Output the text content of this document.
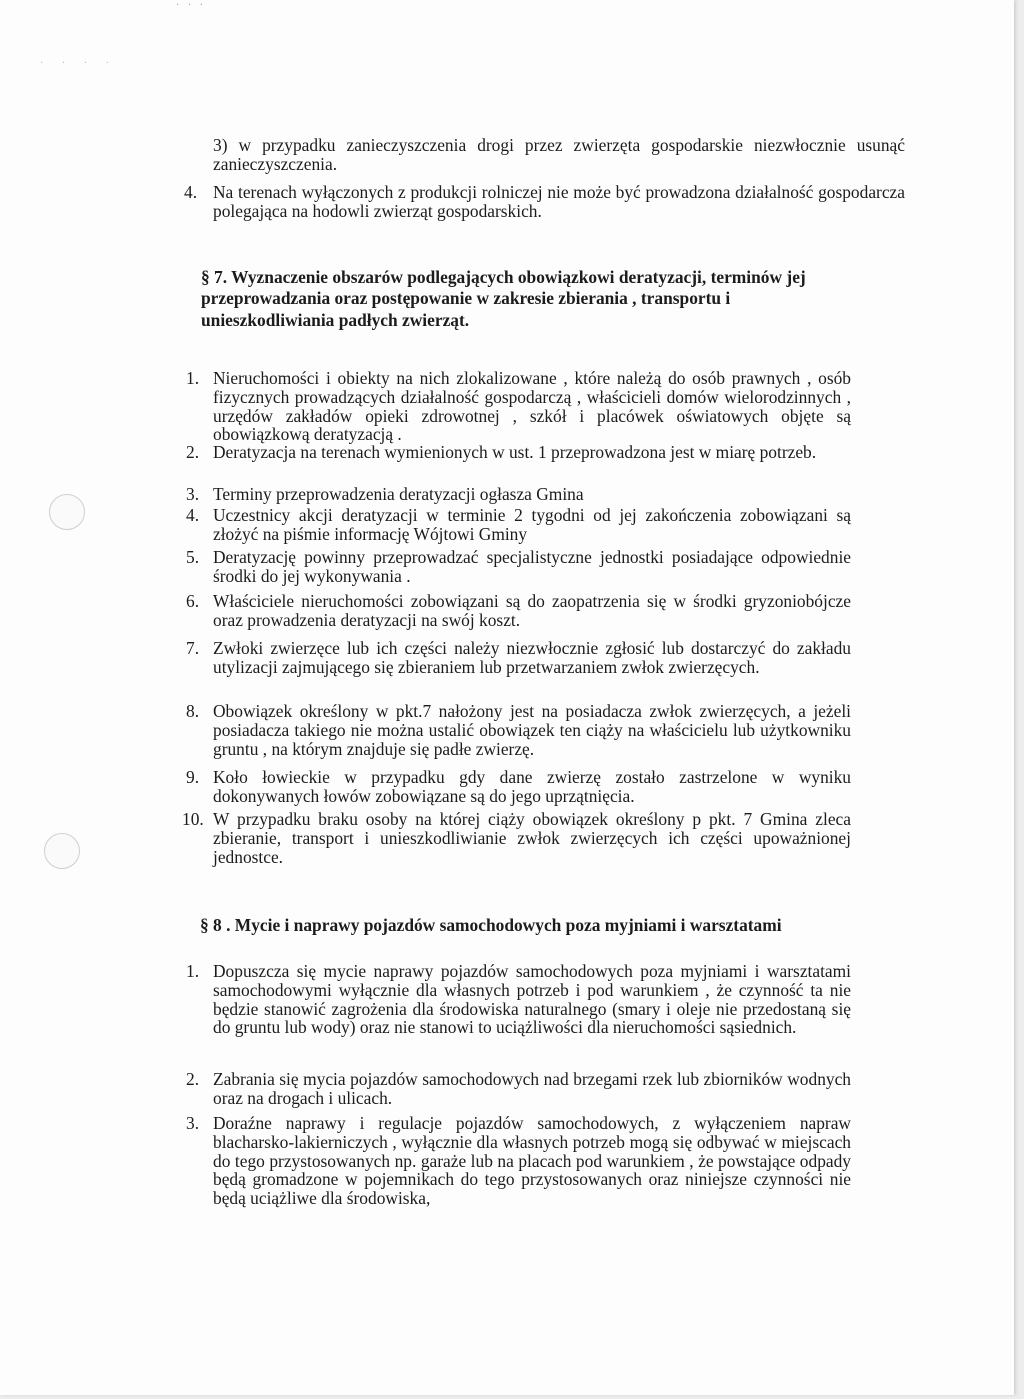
· · ·
· · · ·
3) w przypadku zanieczyszczenia drogi przez zwierzęta gospodarskie niezwłocznie usunąć zanieczyszczenia.
4. Na terenach wyłączonych z produkcji rolniczej nie może być prowadzona działalność gospodarcza polegająca na hodowli zwierząt gospodarskich.
§ 7. Wyznaczenie obszarów podlegających obowiązkowi deratyzacji, terminów jej przeprowadzania oraz postępowanie w zakresie zbierania , transportu i unieszkodliwiania padłych zwierząt.
1. Nieruchomości i obiekty na nich zlokalizowane , które należą do osób prawnych , osób fizycznych prowadzących działalność gospodarczą , właścicieli domów wielorodzinnych , urzędów zakładów opieki zdrowotnej , szkół i placówek oświatowych objęte są obowiązkową deratyzacją .
2. Deratyzacja na terenach wymienionych w ust. 1 przeprowadzona jest w miarę potrzeb.
3. Terminy przeprowadzenia deratyzacji ogłasza Gmina
4. Uczestnicy akcji deratyzacji w terminie 2 tygodni od jej zakończenia zobowiązani są złożyć na piśmie informację Wójtowi Gminy
5. Deratyzację powinny przeprowadzać specjalistyczne jednostki posiadające odpowiednie środki do jej wykonywania .
6. Właściciele nieruchomości zobowiązani są do zaopatrzenia się w środki gryzoniobójcze oraz prowadzenia deratyzacji na swój koszt.
7. Zwłoki zwierzęce lub ich części należy niezwłocznie zgłosić lub dostarczyć do zakładu utylizacji zajmującego się zbieraniem lub przetwarzaniem zwłok zwierzęcych.
8. Obowiązek określony w pkt.7 nałożony jest na posiadacza zwłok zwierzęcych, a jeżeli posiadacza takiego nie można ustalić obowiązek ten ciąży na właścicielu lub użytkowniku gruntu , na którym znajduje się padłe zwierzę.
9. Koło łowieckie w przypadku gdy dane zwierzę zostało zastrzelone w wyniku dokonywanych łowów zobowiązane są do jego uprzątnięcia.
10. W przypadku braku osoby na której ciąży obowiązek określony p pkt. 7 Gmina zleca zbieranie, transport i unieszkodliwianie zwłok zwierzęcych ich części upoważnionej jednostce.
§ 8 . Mycie i naprawy pojazdów samochodowych poza myjniami i warsztatami
1. Dopuszcza się mycie naprawy pojazdów samochodowych poza myjniami i warsztatami samochodowymi wyłącznie dla własnych potrzeb i pod warunkiem , że czynność ta nie będzie stanowić zagrożenia dla środowiska naturalnego (smary i oleje nie przedostaną się do gruntu lub wody) oraz nie stanowi to uciążliwości dla nieruchomości sąsiednich.
2. Zabrania się mycia pojazdów samochodowych nad brzegami rzek lub zbiorników wodnych oraz na drogach i ulicach.
3. Doraźne naprawy i regulacje pojazdów samochodowych, z wyłączeniem napraw blacharsko-lakierniczych , wyłącznie dla własnych potrzeb mogą się odbywać w miejscach do tego przystosowanych np. garaże lub na placach pod warunkiem , że powstające odpady będą gromadzone w pojemnikach do tego przystosowanych oraz niniejsze czynności nie będą uciążliwe dla środowiska,
